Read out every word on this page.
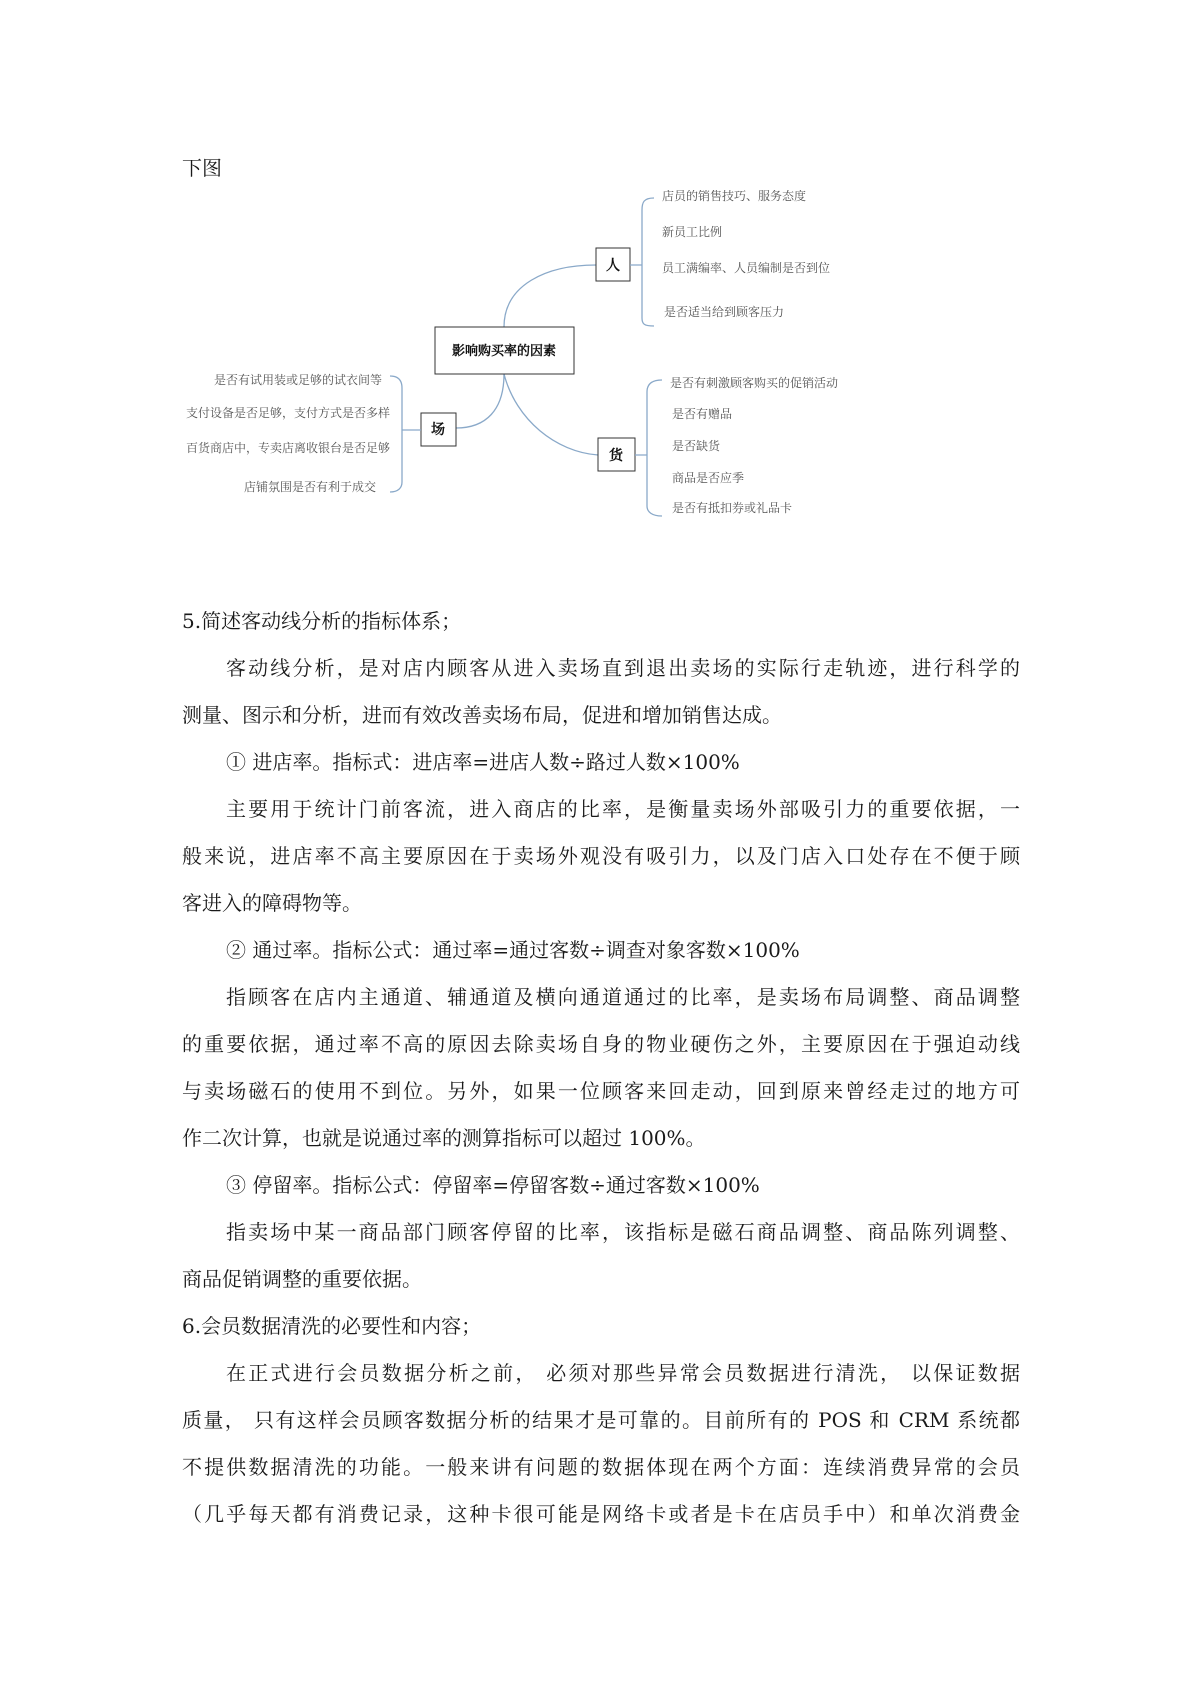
下图
影响购买率的因素
人
店员的销售技巧、服务态度
新员工比例
员工满编率、人员编制是否到位
是否适当给到顾客压力
场
是否有试用装或足够的试衣间等
支付设备是否足够，支付方式是否多样
百货商店中，专卖店离收银台是否足够
店铺氛围是否有利于成交
货
是否有刺激顾客购买的促销活动
是否有赠品
是否缺货
商品是否应季
是否有抵扣券或礼品卡
5.简述客动线分析的指标体系；
客动线分析，是对店内顾客从进入卖场直到退出卖场的实际行走轨迹，进行科学的
测量、图示和分析，进而有效改善卖场布局，促进和增加销售达成。
① 进店率。指标式：进店率=进店人数÷路过人数×100%
主要用于统计门前客流，进入商店的比率，是衡量卖场外部吸引力的重要依据，一
般来说，进店率不高主要原因在于卖场外观没有吸引力，以及门店入口处存在不便于顾
客进入的障碍物等。
② 通过率。指标公式：通过率=通过客数÷调查对象客数×100%
指顾客在店内主通道、辅通道及横向通道通过的比率，是卖场布局调整、商品调整
的重要依据，通过率不高的原因去除卖场自身的物业硬伤之外，主要原因在于强迫动线
与卖场磁石的使用不到位。另外，如果一位顾客来回走动，回到原来曾经走过的地方可
作二次计算，也就是说通过率的测算指标可以超过 100%。
③ 停留率。指标公式：停留率=停留客数÷通过客数×100%
指卖场中某一商品部门顾客停留的比率，该指标是磁石商品调整、商品陈列调整、
商品促销调整的重要依据。
6.会员数据清洗的必要性和内容；
在正式进行会员数据分析之前， 必须对那些异常会员数据进行清洗， 以保证数据
质量， 只有这样会员顾客数据分析的结果才是可靠的。目前所有的 POS 和 CRM 系统都
不提供数据清洗的功能。一般来讲有问题的数据体现在两个方面：连续消费异常的会员
（几乎每天都有消费记录，这种卡很可能是网络卡或者是卡在店员手中）和单次消费金
